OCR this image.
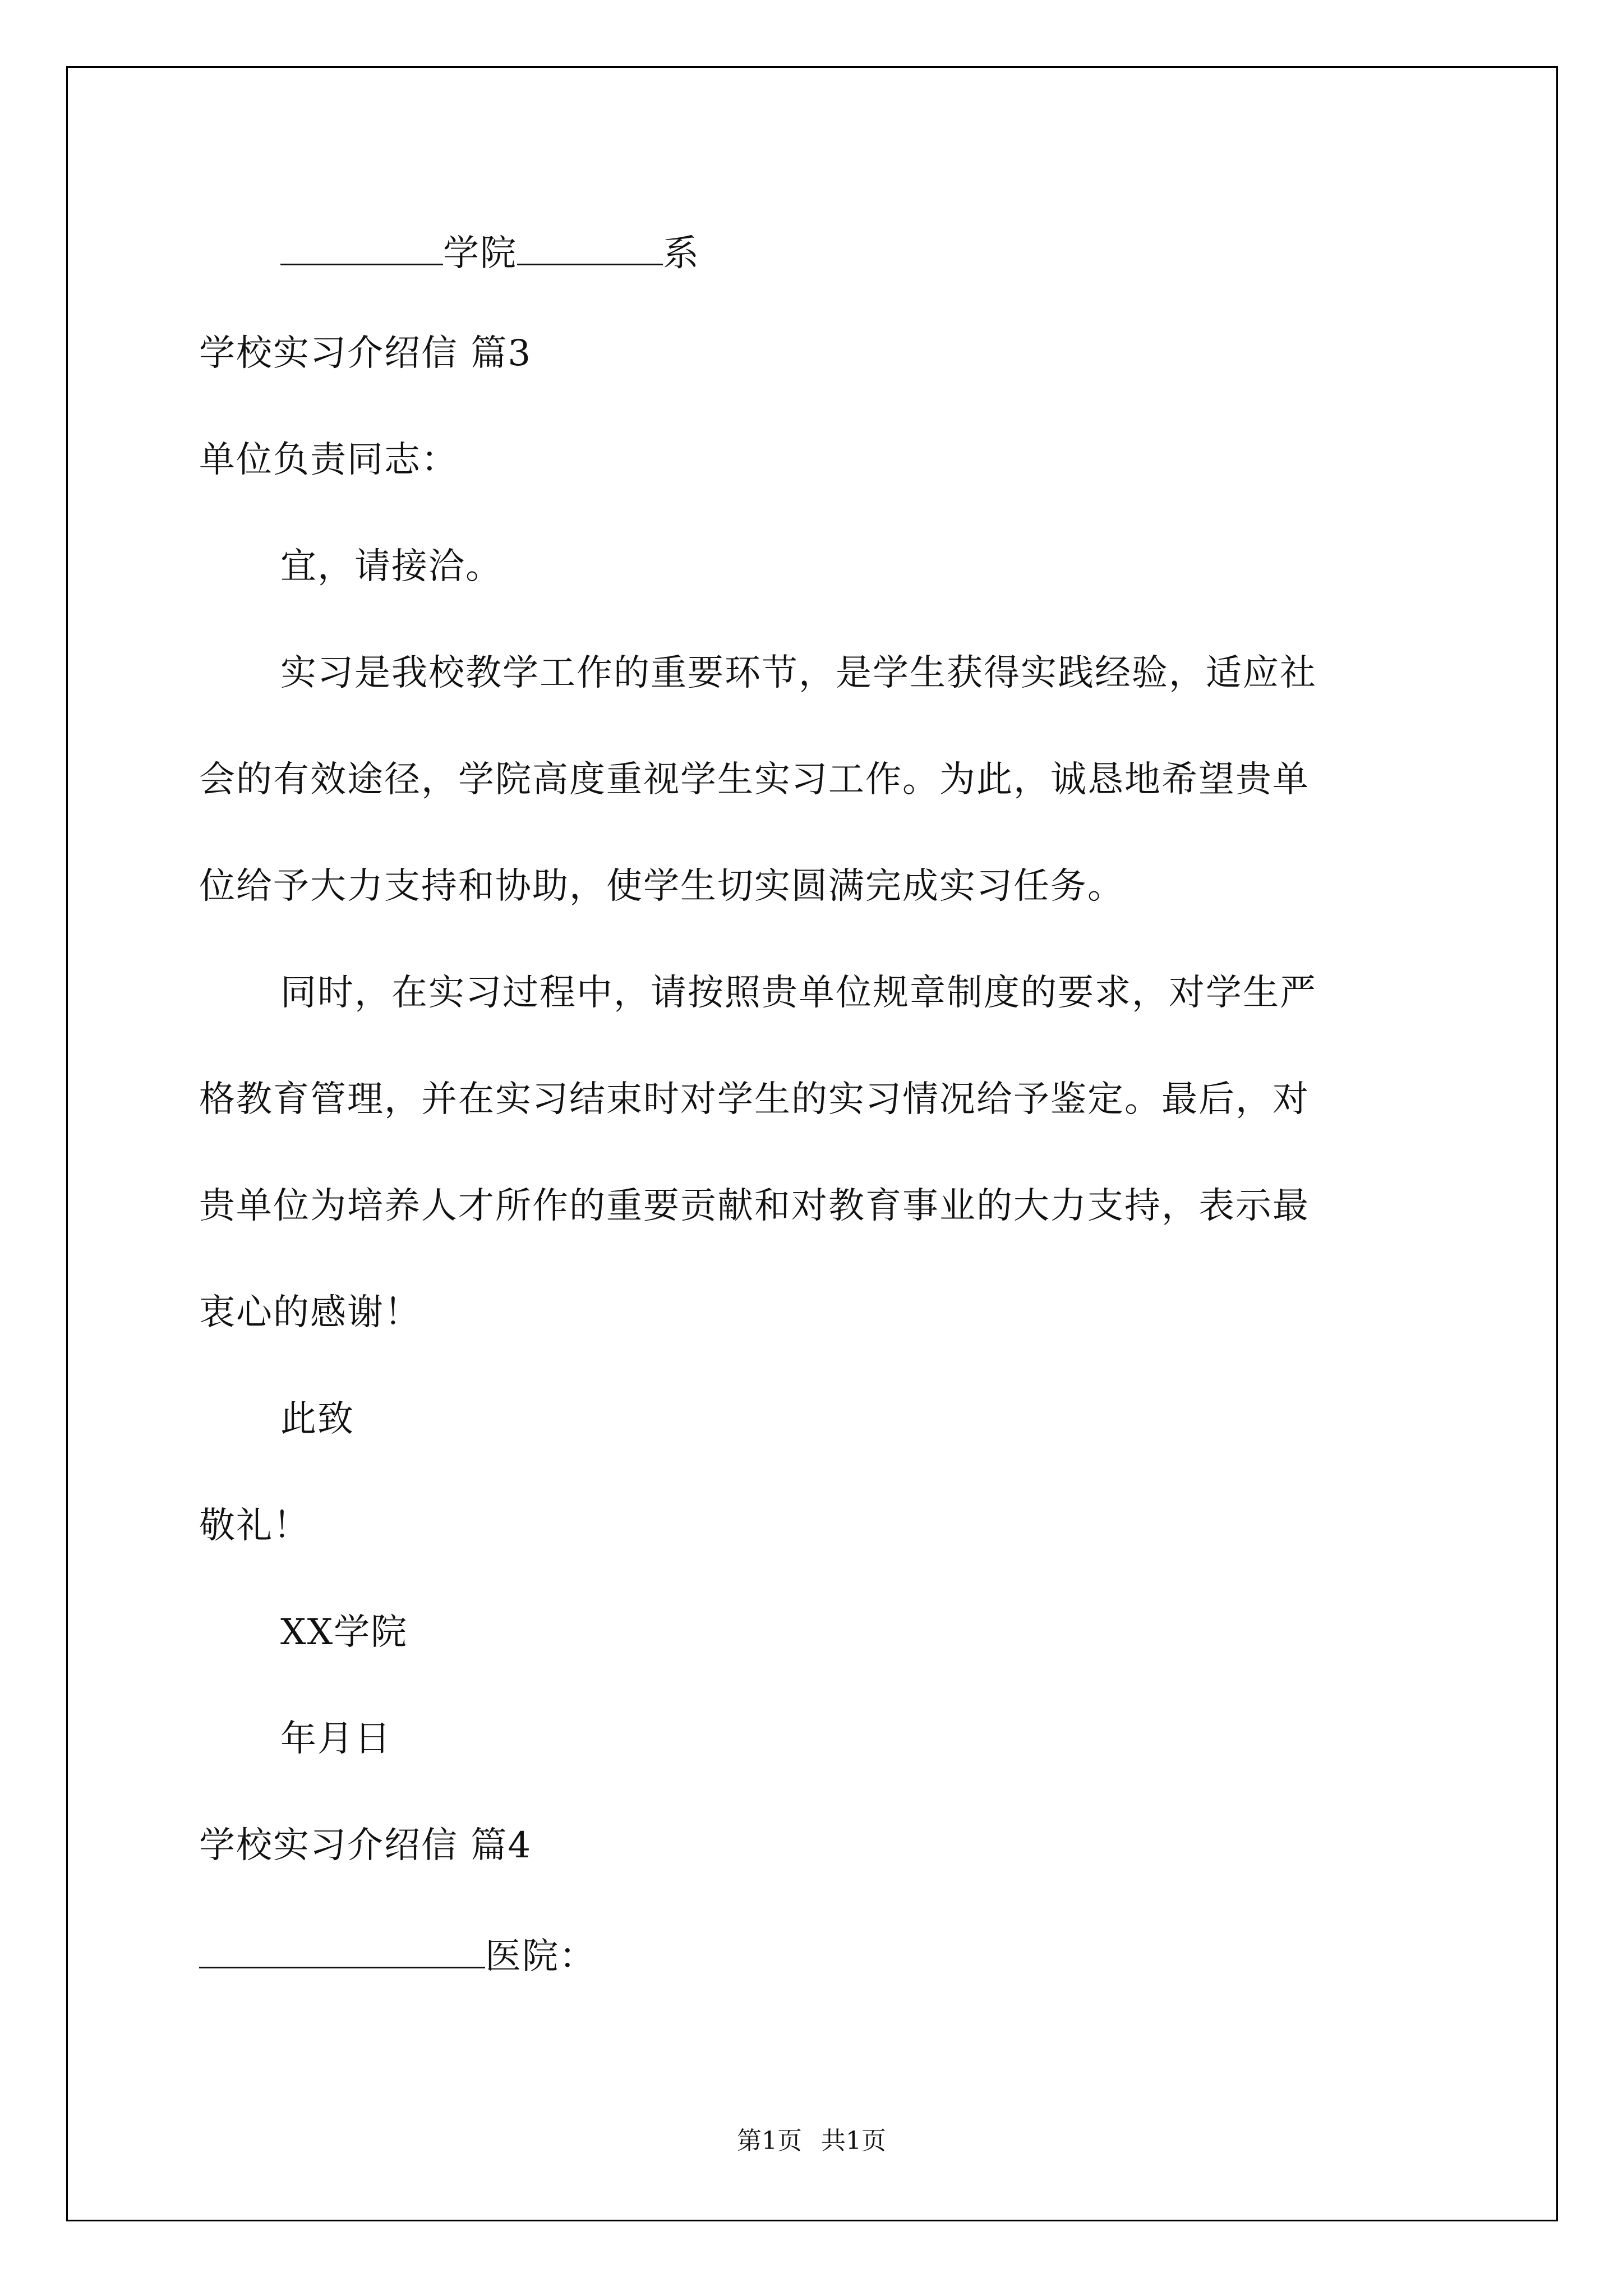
学院	系
学校实习介绍信 篇3
单位负责同志：
宜，请接洽。
实习是我校教学工作的重要环节，是学生获得实践经验，适应社
会的有效途径，学院高度重视学生实习工作。为此，诚恳地希望贵单
位给予大力支持和协助，使学生切实圆满完成实习任务。
同时，在实习过程中，请按照贵单位规章制度的要求，对学生严
格教育管理，并在实习结束时对学生的实习情况给予鉴定。最后，对
贵单位为培养人才所作的重要贡献和对教育事业的大力支持，表示最
衷心的感谢！
此致
敬礼！
XX学院
年月日
学校实习介绍信 篇4
医院：
第1页 共1页
